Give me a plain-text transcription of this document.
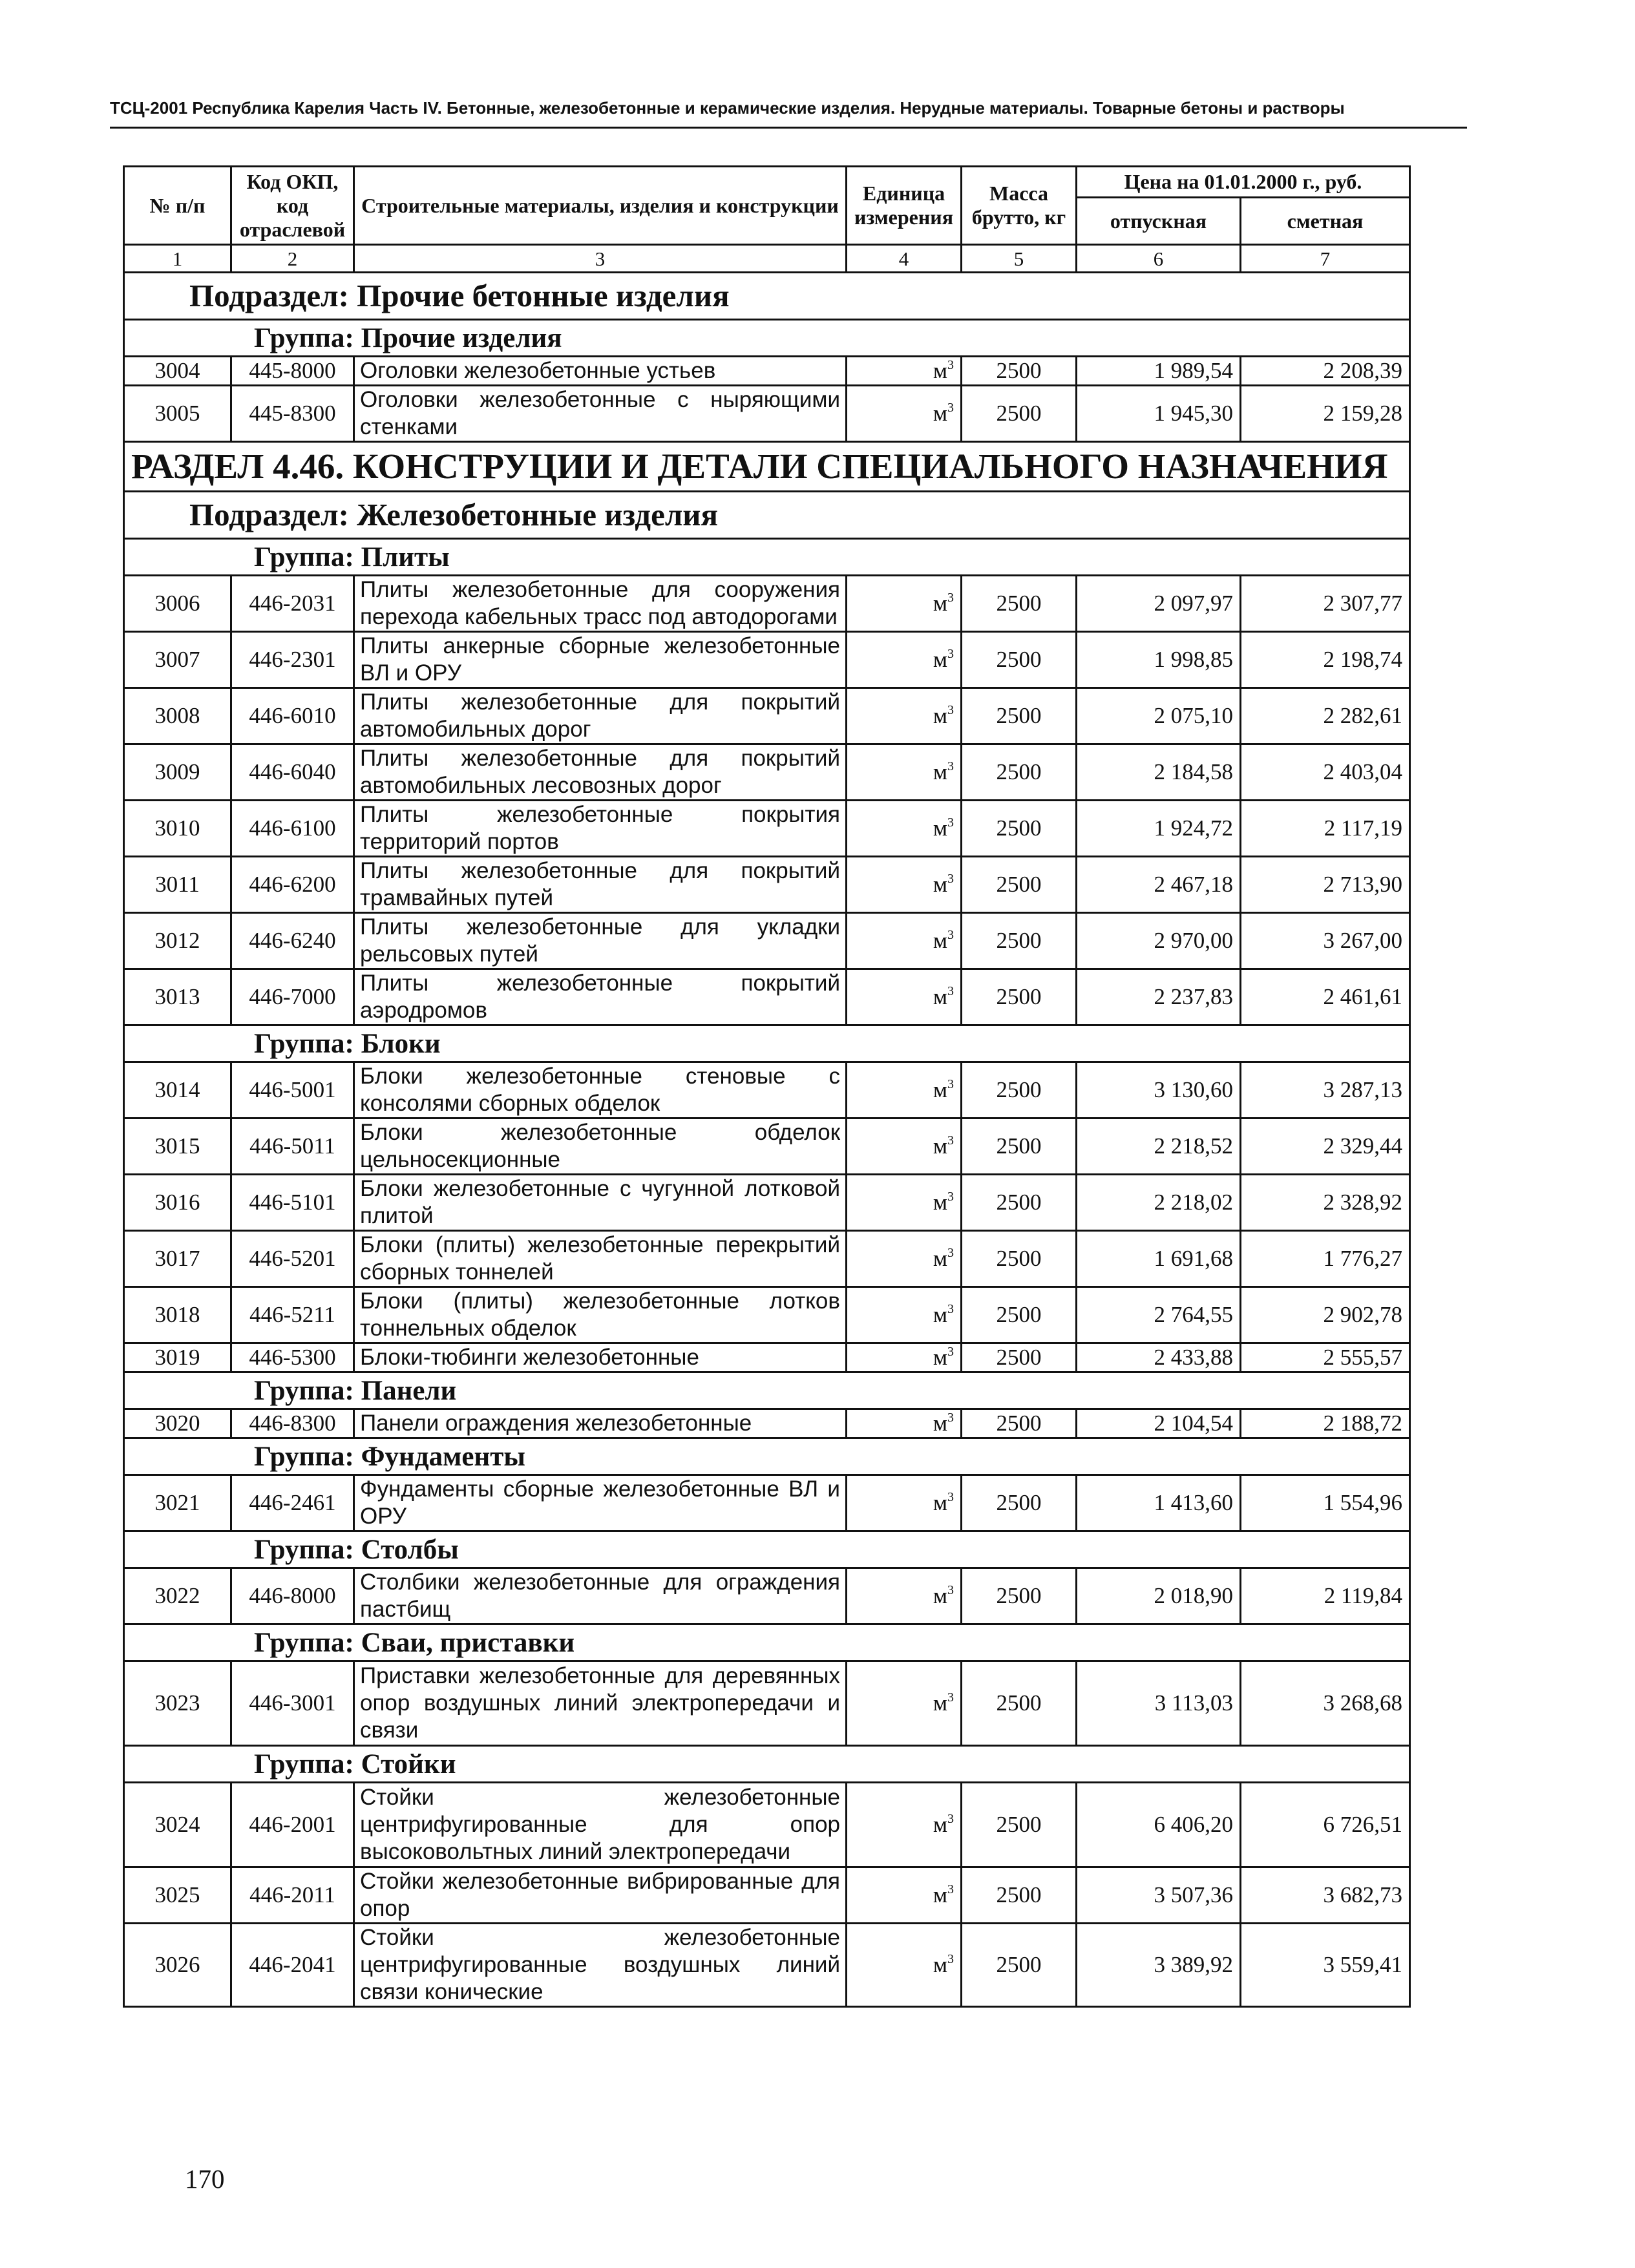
ТСЦ-2001 Республика Карелия Часть IV. Бетонные, железобетонные и керамические изделия. Нерудные материалы. Товарные бетоны и растворы
№ п/п	Код ОКП, код отраслевой	Строительные материалы, изделия и конструкции	Единица измерения	Масса брутто, кг	Цена на 01.01.2000 г., руб.	
					отпускная	сметная
1	2	3	4	5	6	7
Подраздел: Прочие бетонные изделия						
Группа: Прочие изделия						
3004	445-8000	Оголовки железобетонные устьев	$м^3$	2500	1 989,54	2 208,39
3005	445-8300	Оголовки железобетонные с ныряющими стенками	$м^3$	2500	1 945,30	2 159,28
РАЗДЕЛ 4.46. КОНСТРУЦИИ И ДЕТАЛИ СПЕЦИАЛЬНОГО НАЗНАЧЕНИЯ						
Подраздел: Железобетонные изделия						
Группа: Плиты						
3006	446-2031	Плиты железобетонные для сооружения перехода кабельных трасс под автодорогами	$м^3$	2500	2 097,97	2 307,77
3007	446-2301	Плиты анкерные сборные железобетонные ВЛ и ОРУ	$м^3$	2500	1 998,85	2 198,74
3008	446-6010	Плиты железобетонные для покрытий автомобильных дорог	$м^3$	2500	2 075,10	2 282,61
3009	446-6040	Плиты железобетонные для покрытий автомобильных лесовозных дорог	$м^3$	2500	2 184,58	2 403,04
3010	446-6100	Плиты железобетонные покрытия территорий портов	$м^3$	2500	1 924,72	2 117,19
3011	446-6200	Плиты железобетонные для покрытий трамвайных путей	$м^3$	2500	2 467,18	2 713,90
3012	446-6240	Плиты железобетонные для укладки рельсовых путей	$м^3$	2500	2 970,00	3 267,00
3013	446-7000	Плиты железобетонные покрытий аэродромов	$м^3$	2500	2 237,83	2 461,61
Группа: Блоки						
3014	446-5001	Блоки железобетонные стеновые с консолями сборных обделок	$м^3$	2500	3 130,60	3 287,13
3015	446-5011	Блоки железобетонные обделок цельносекционные	$м^3$	2500	2 218,52	2 329,44
3016	446-5101	Блоки железобетонные с чугунной лотковой плитой	$м^3$	2500	2 218,02	2 328,92
3017	446-5201	Блоки (плиты) железобетонные перекрытий сборных тоннелей	$м^3$	2500	1 691,68	1 776,27
3018	446-5211	Блоки (плиты) железобетонные лотков тоннельных обделок	$м^3$	2500	2 764,55	2 902,78
3019	446-5300	Блоки-тюбинги железобетонные	$м^3$	2500	2 433,88	2 555,57
Группа: Панели						
3020	446-8300	Панели ограждения железобетонные	$м^3$	2500	2 104,54	2 188,72
Группа: Фундаменты						
3021	446-2461	Фундаменты сборные железобетонные ВЛ и ОРУ	$м^3$	2500	1 413,60	1 554,96
Группа: Столбы						
3022	446-8000	Столбики железобетонные для ограждения пастбищ	$м^3$	2500	2 018,90	2 119,84
Группа: Сваи, приставки						
3023	446-3001	Приставки железобетонные для деревянных опор воздушных линий электропередачи и связи	$м^3$	2500	3 113,03	3 268,68
Группа: Стойки						
3024	446-2001	Стойки железобетонные центрифугированные для опор высоковольтных линий электропередачи	$м^3$	2500	6 406,20	6 726,51
3025	446-2011	Стойки железобетонные вибрированные для опор	$м^3$	2500	3 507,36	3 682,73
3026	446-2041	Стойки железобетонные центрифугированные воздушных линий связи конические	$м^3$	2500	3 389,92	3 559,41
170
